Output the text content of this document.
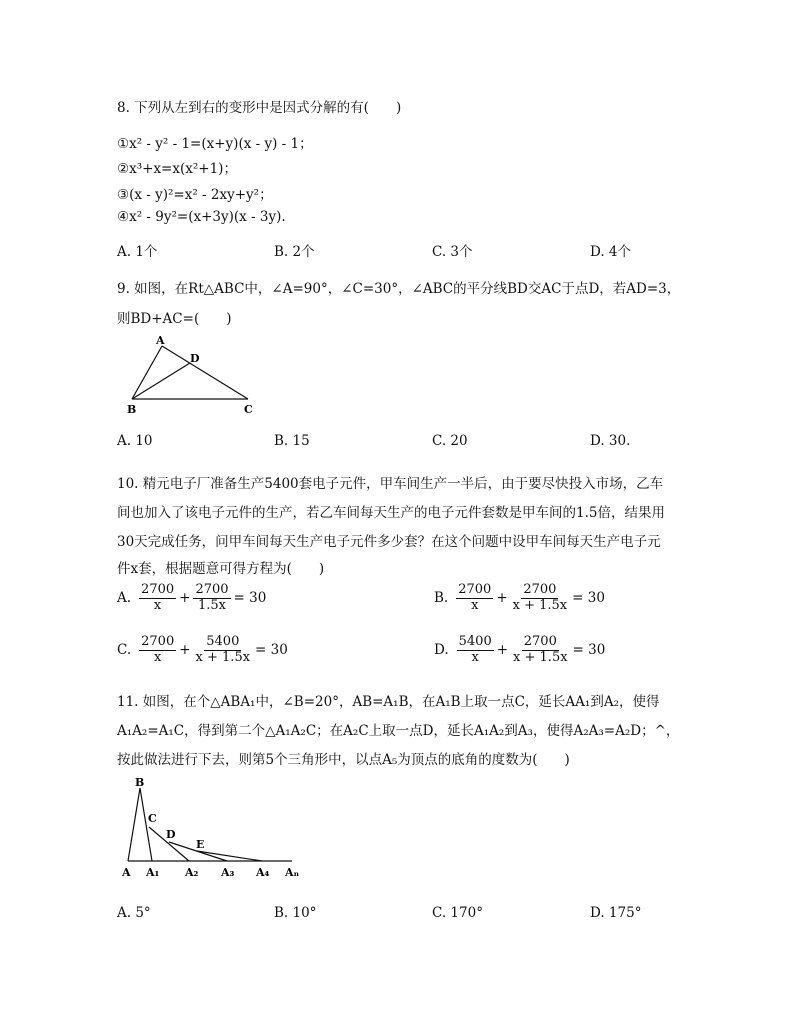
8. 下列从左到右的变形中是因式分解的有(　　)
①x² - y² - 1=(x+y)(x - y) - 1；
②x³+x=x(x²+1)；
③(x - y)²=x² - 2xy+y²；
④x² - 9y²=(x+3y)(x - 3y).
A. 1个	B. 2个	C. 3个	D. 4个
9. 如图，在Rt△ABC中，∠A=90°，∠C=30°，∠ABC的平分线BD交AC于点D，若AD=3，
则BD+AC=(　　)
A
D
B	C
A. 10	B. 15	C. 20	D. 30.
10. 精元电子厂准备生产5400套电子元件，甲车间生产一半后，由于要尽快投入市场，乙车
间也加入了该电子元件的生产，若乙车间每天生产的电子元件套数是甲车间的1.5倍，结果用
30天完成任务，问甲车间每天生产电子元件多少套？在这个问题中设甲车间每天生产电子元
件x套，根据题意可得方程为(　　)
A. $\frac{2700}{x} + \frac{2700}{1.5x} = 30$	B. $\frac{2700}{x} + \frac{2700}{x + 1.5x} = 30$
C. $\frac{2700}{x} + \frac{5400}{x + 1.5x} = 30$	D. $\frac{5400}{x} + \frac{2700}{x + 1.5x} = 30$
11. 如图，在个△ABA₁中，∠B=20°，AB=A₁B，在A₁B上取一点C，延长AA₁到A₂，使得
A₁A₂=A₁C，得到第二个△A₁A₂C；在A₂C上取一点D，延长A₁A₂到A₃，使得A₂A₃=A₂D；^，
按此做法进行下去，则第5个三角形中，以点A₅为顶点的底角的度数为(　　)
B
C
D
E
A A₁ A₂ A₃ A₄ Aₙ
A. 5°	B. 10°	C. 170°	D. 175°
